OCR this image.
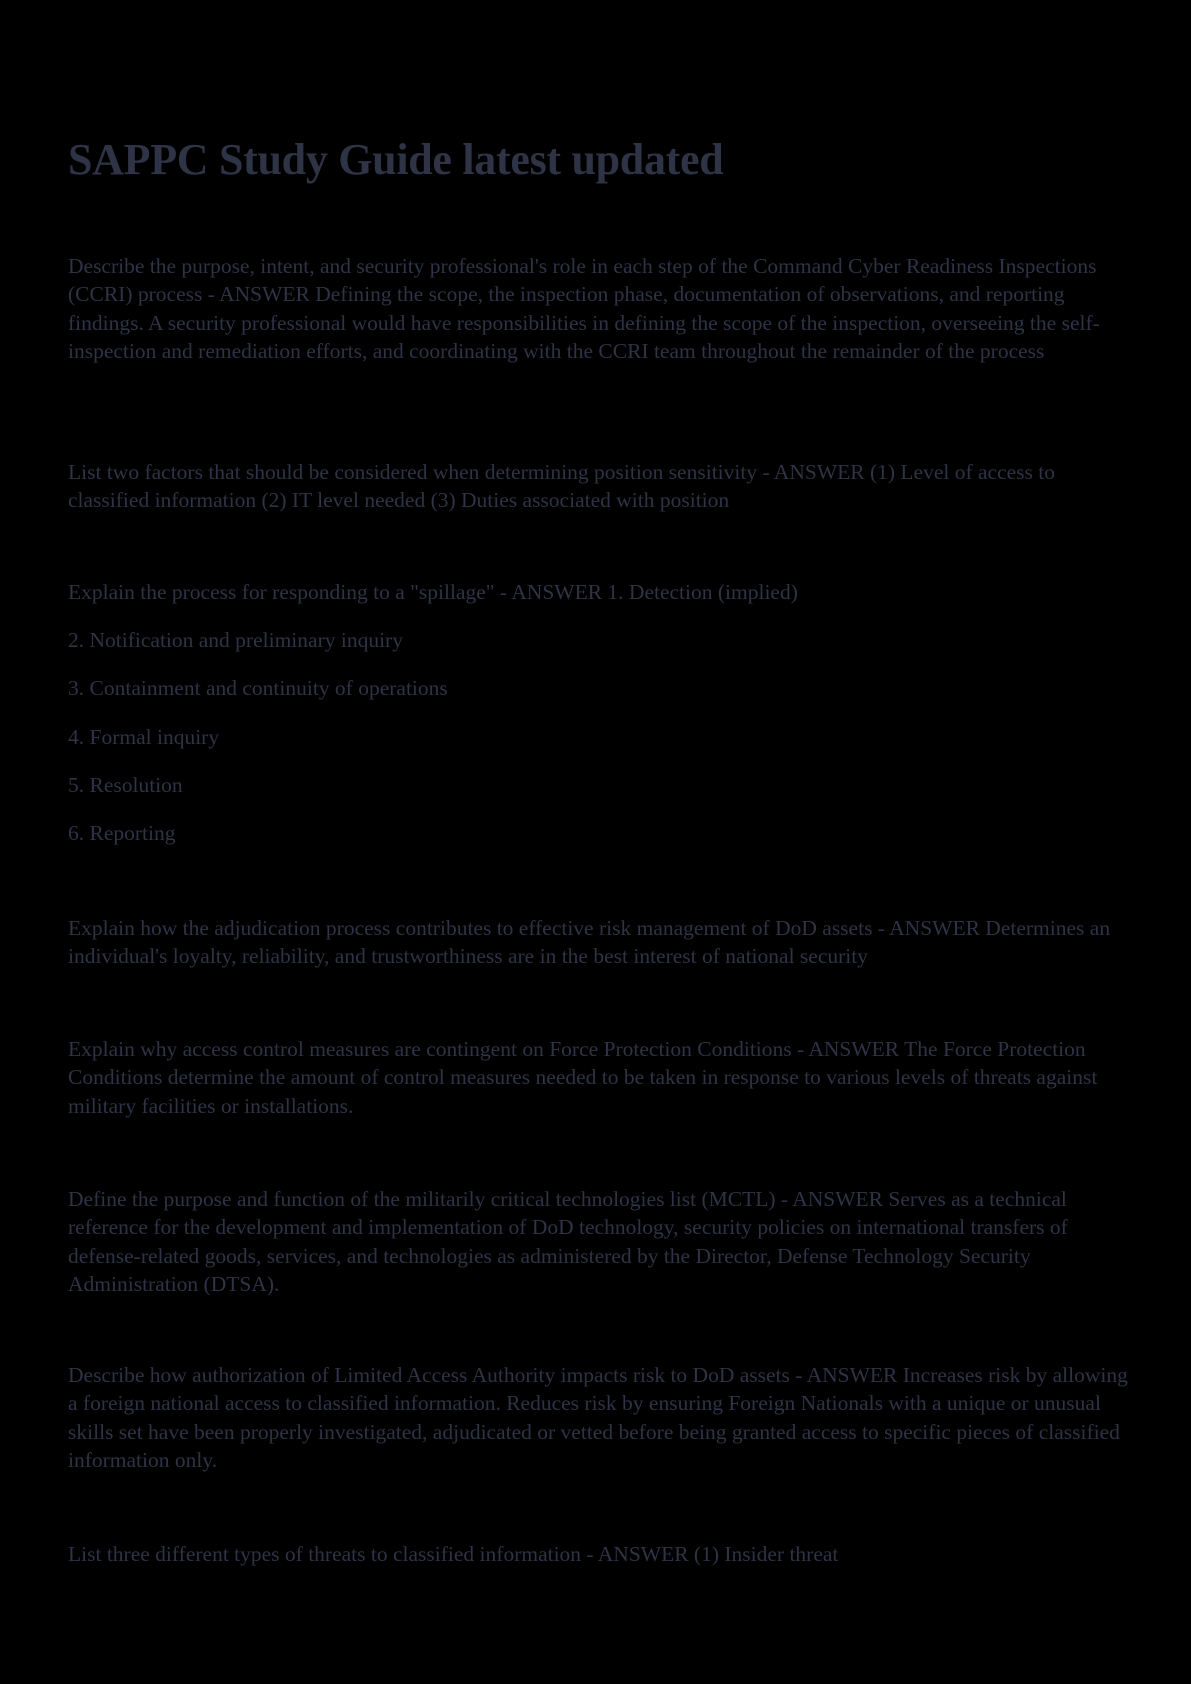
SAPPC Study Guide latest updated

Describe the purpose, intent, and security professional's role in each step of the Command Cyber Readiness Inspections (CCRI) process - ANSWER Defining the scope, the inspection phase, documentation of observations, and reporting findings. A security professional would have responsibilities in defining the scope of the inspection, overseeing the self-inspection and remediation efforts, and coordinating with the CCRI team throughout the remainder of the process

List two factors that should be considered when determining position sensitivity - ANSWER (1) Level of access to classified information (2) IT level needed (3) Duties associated with position

Explain the process for responding to a "spillage" - ANSWER 1. Detection (implied)

2. Notification and preliminary inquiry

3. Containment and continuity of operations

4. Formal inquiry

5. Resolution

6. Reporting

Explain how the adjudication process contributes to effective risk management of DoD assets - ANSWER Determines an individual's loyalty, reliability, and trustworthiness are in the best interest of national security

Explain why access control measures are contingent on Force Protection Conditions - ANSWER The Force Protection Conditions determine the amount of control measures needed to be taken in response to various levels of threats against military facilities or installations.

Define the purpose and function of the militarily critical technologies list (MCTL) - ANSWER Serves as a technical reference for the development and implementation of DoD technology, security policies on international transfers of defense-related goods, services, and technologies as administered by the Director, Defense Technology Security Administration (DTSA).

Describe how authorization of Limited Access Authority impacts risk to DoD assets - ANSWER Increases risk by allowing a foreign national access to classified information. Reduces risk by ensuring Foreign Nationals with a unique or unusual skills set have been properly investigated, adjudicated or vetted before being granted access to specific pieces of classified information only.

List three different types of threats to classified information - ANSWER (1) Insider threat
